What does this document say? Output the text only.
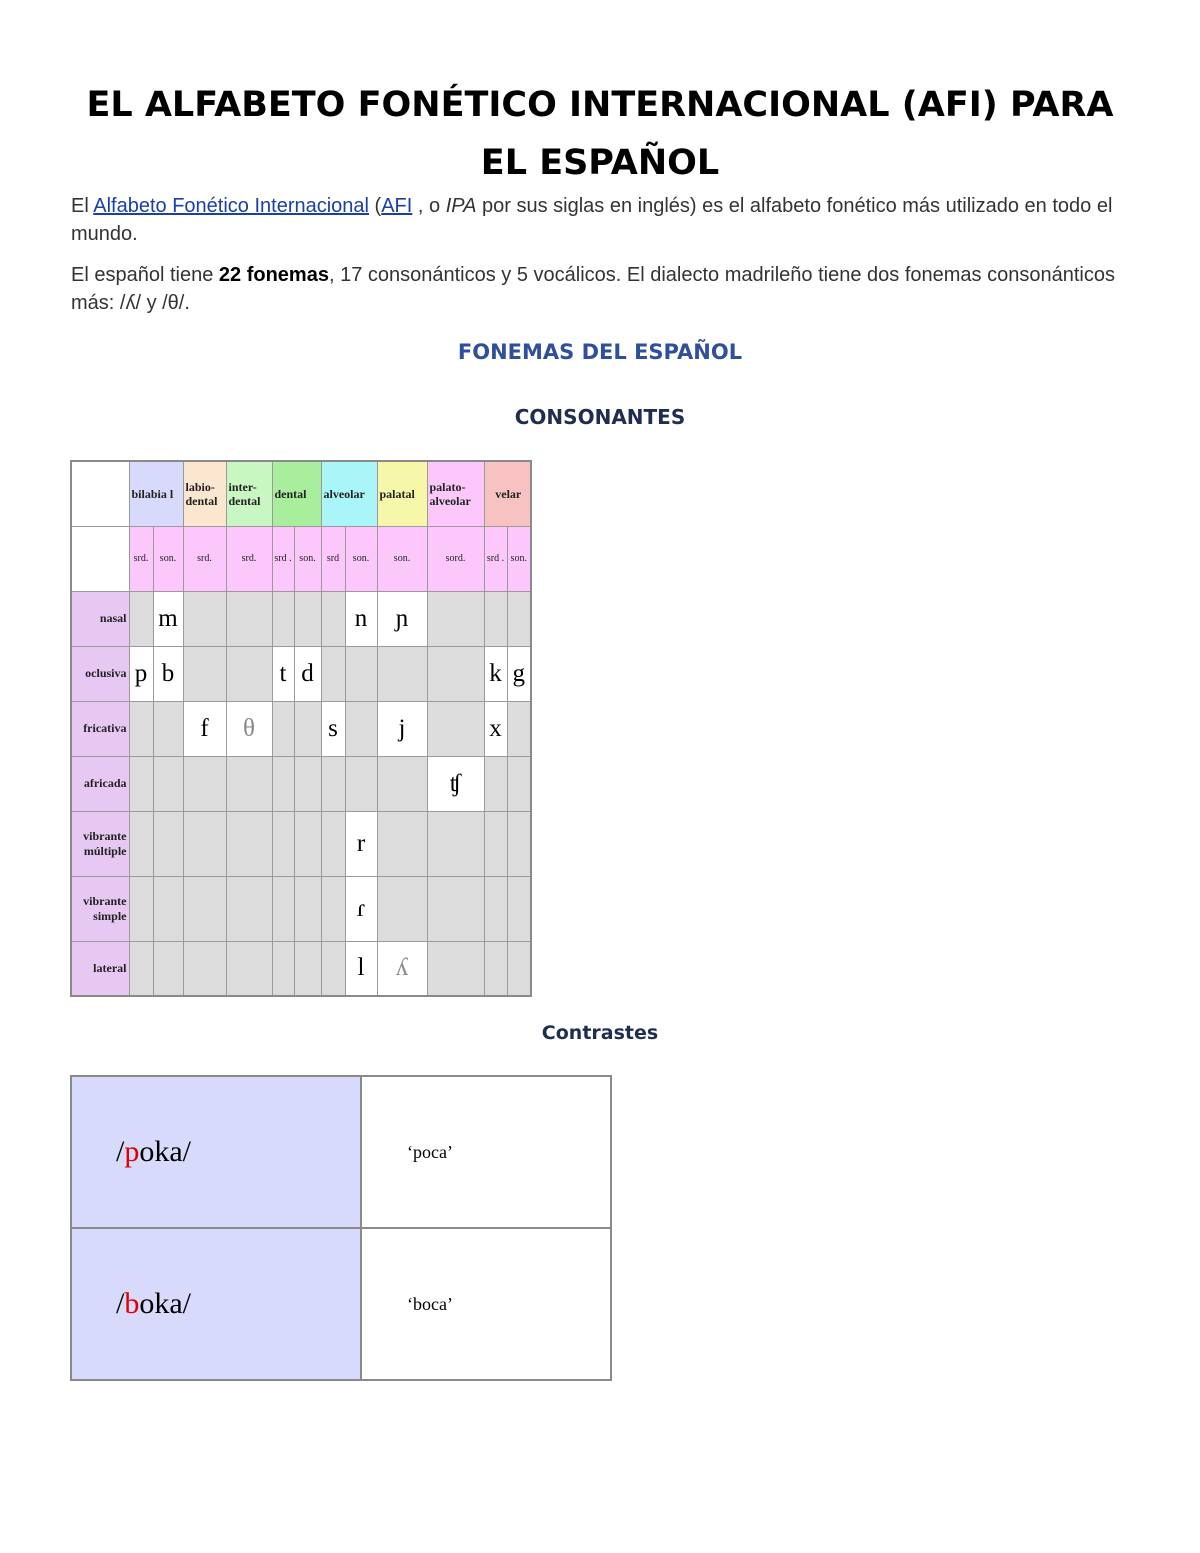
EL ALFABETO FONÉTICO INTERNACIONAL (AFI) PARA EL ESPAÑOL
El Alfabeto Fonético Internacional (AFI , o IPA por sus siglas en inglés) es el alfabeto fonético más utilizado en todo el mundo.
El español tiene 22 fonemas, 17 consonánticos y 5 vocálicos. El dialecto madrileño tiene dos fonemas consonánticos más: /ʎ/ y /θ/.
FONEMAS DEL ESPAÑOL
CONSONANTES
	bilabia l		labio-dental	inter-dental	dental		alveolar		palatal	palato-alveolar	velar	
	srd.	son.	srd.	srd.	srd .	son.	srd	son.	son.	sord.	srd .	son.
nasal		m						n	ɲ			
oclusiva	p	b			t	d					k	g
fricativa			f	θ			s		j		x	
africada										ʧ		
vibrante múltiple								r				
vibrante simple								ɾ				
lateral								l	ʎ			
Contrastes
/poka/	‘poca’
/boka/	‘boca’
